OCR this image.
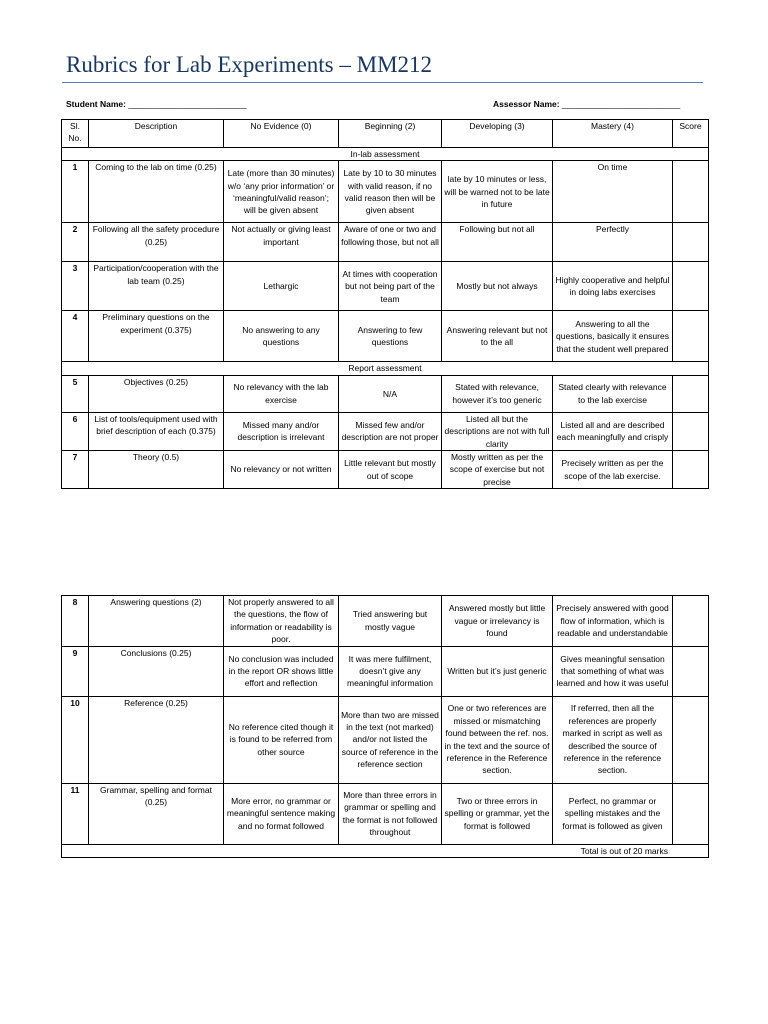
Rubrics for Lab Experiments – MM212
Student Name: _________________________	Assessor Name: _________________________
Sl. No.	Description	No Evidence (0)	Beginning (2)	Developing (3)	Mastery (4)	Score
In-lab assessment						
1	Coming to the lab on time (0.25)	Late (more than 30 minutes) w/o ‘any prior information’ or ‘meaningful/valid reason’; will be given absent	Late by 10 to 30 minutes with valid reason, if no valid reason then will be given absent	late by 10 minutes or less, will be warned not to be late in future	On time	
2	Following all the safety procedure (0.25)	Not actually or giving least important	Aware of one or two and following those, but not all	Following but not all	Perfectly	
3	Participation/cooperation with the lab team (0.25)	Lethargic	At times with cooperation but not being part of the team	Mostly but not always	Highly cooperative and helpful in doing labs exercises	
4	Preliminary questions on the experiment (0.375)	No answering to any questions	Answering to few questions	Answering relevant but not to the all	Answering to all the questions, basically it ensures that the student well prepared	
Report assessment						
5	Objectives (0.25)	No relevancy with the lab exercise	N/A	Stated with relevance, however it’s too generic	Stated clearly with relevance to the lab exercise	
6	List of tools/equipment used with brief description of each (0.375)	Missed many and/or description is irrelevant	Missed few and/or description are not proper	Listed all but the descriptions are not with full clarity	Listed all and are described each meaningfully and crisply	
7	Theory (0.5)	No relevancy or not written	Little relevant but mostly out of scope	Mostly written as per the scope of exercise but not precise	Precisely written as per the scope of the lab exercise.	
8	Answering questions (2)	Not properly answered to all the questions, the flow of information or readability is poor.	Tried answering but mostly vague	Answered mostly but little vague or irrelevancy is found	Precisely answered with good flow of information, which is readable and understandable	
9	Conclusions (0.25)	No conclusion was included in the report OR shows little effort and reflection	It was mere fulfilment, doesn’t give any meaningful information	Written but it’s just generic	Gives meaningful sensation that something of what was learned and how it was useful	
10	Reference (0.25)	No reference cited though it is found to be referred from other source	More than two are missed in the text (not marked) and/or not listed the source of reference in the reference section	One or two references are missed or mismatching found between the ref. nos. in the text and the source of reference in the Reference section.	If referred, then all the references are properly marked in script as well as described the source of reference in the reference section.	
11	Grammar, spelling and format (0.25)	More error, no grammar or meaningful sentence making and no format followed	More than three errors in grammar or spelling and the format is not followed throughout	Two or three errors in spelling or grammar, yet the format is followed	Perfect, no grammar or spelling mistakes and the format is followed as given	
Total is out of 20 marks						
